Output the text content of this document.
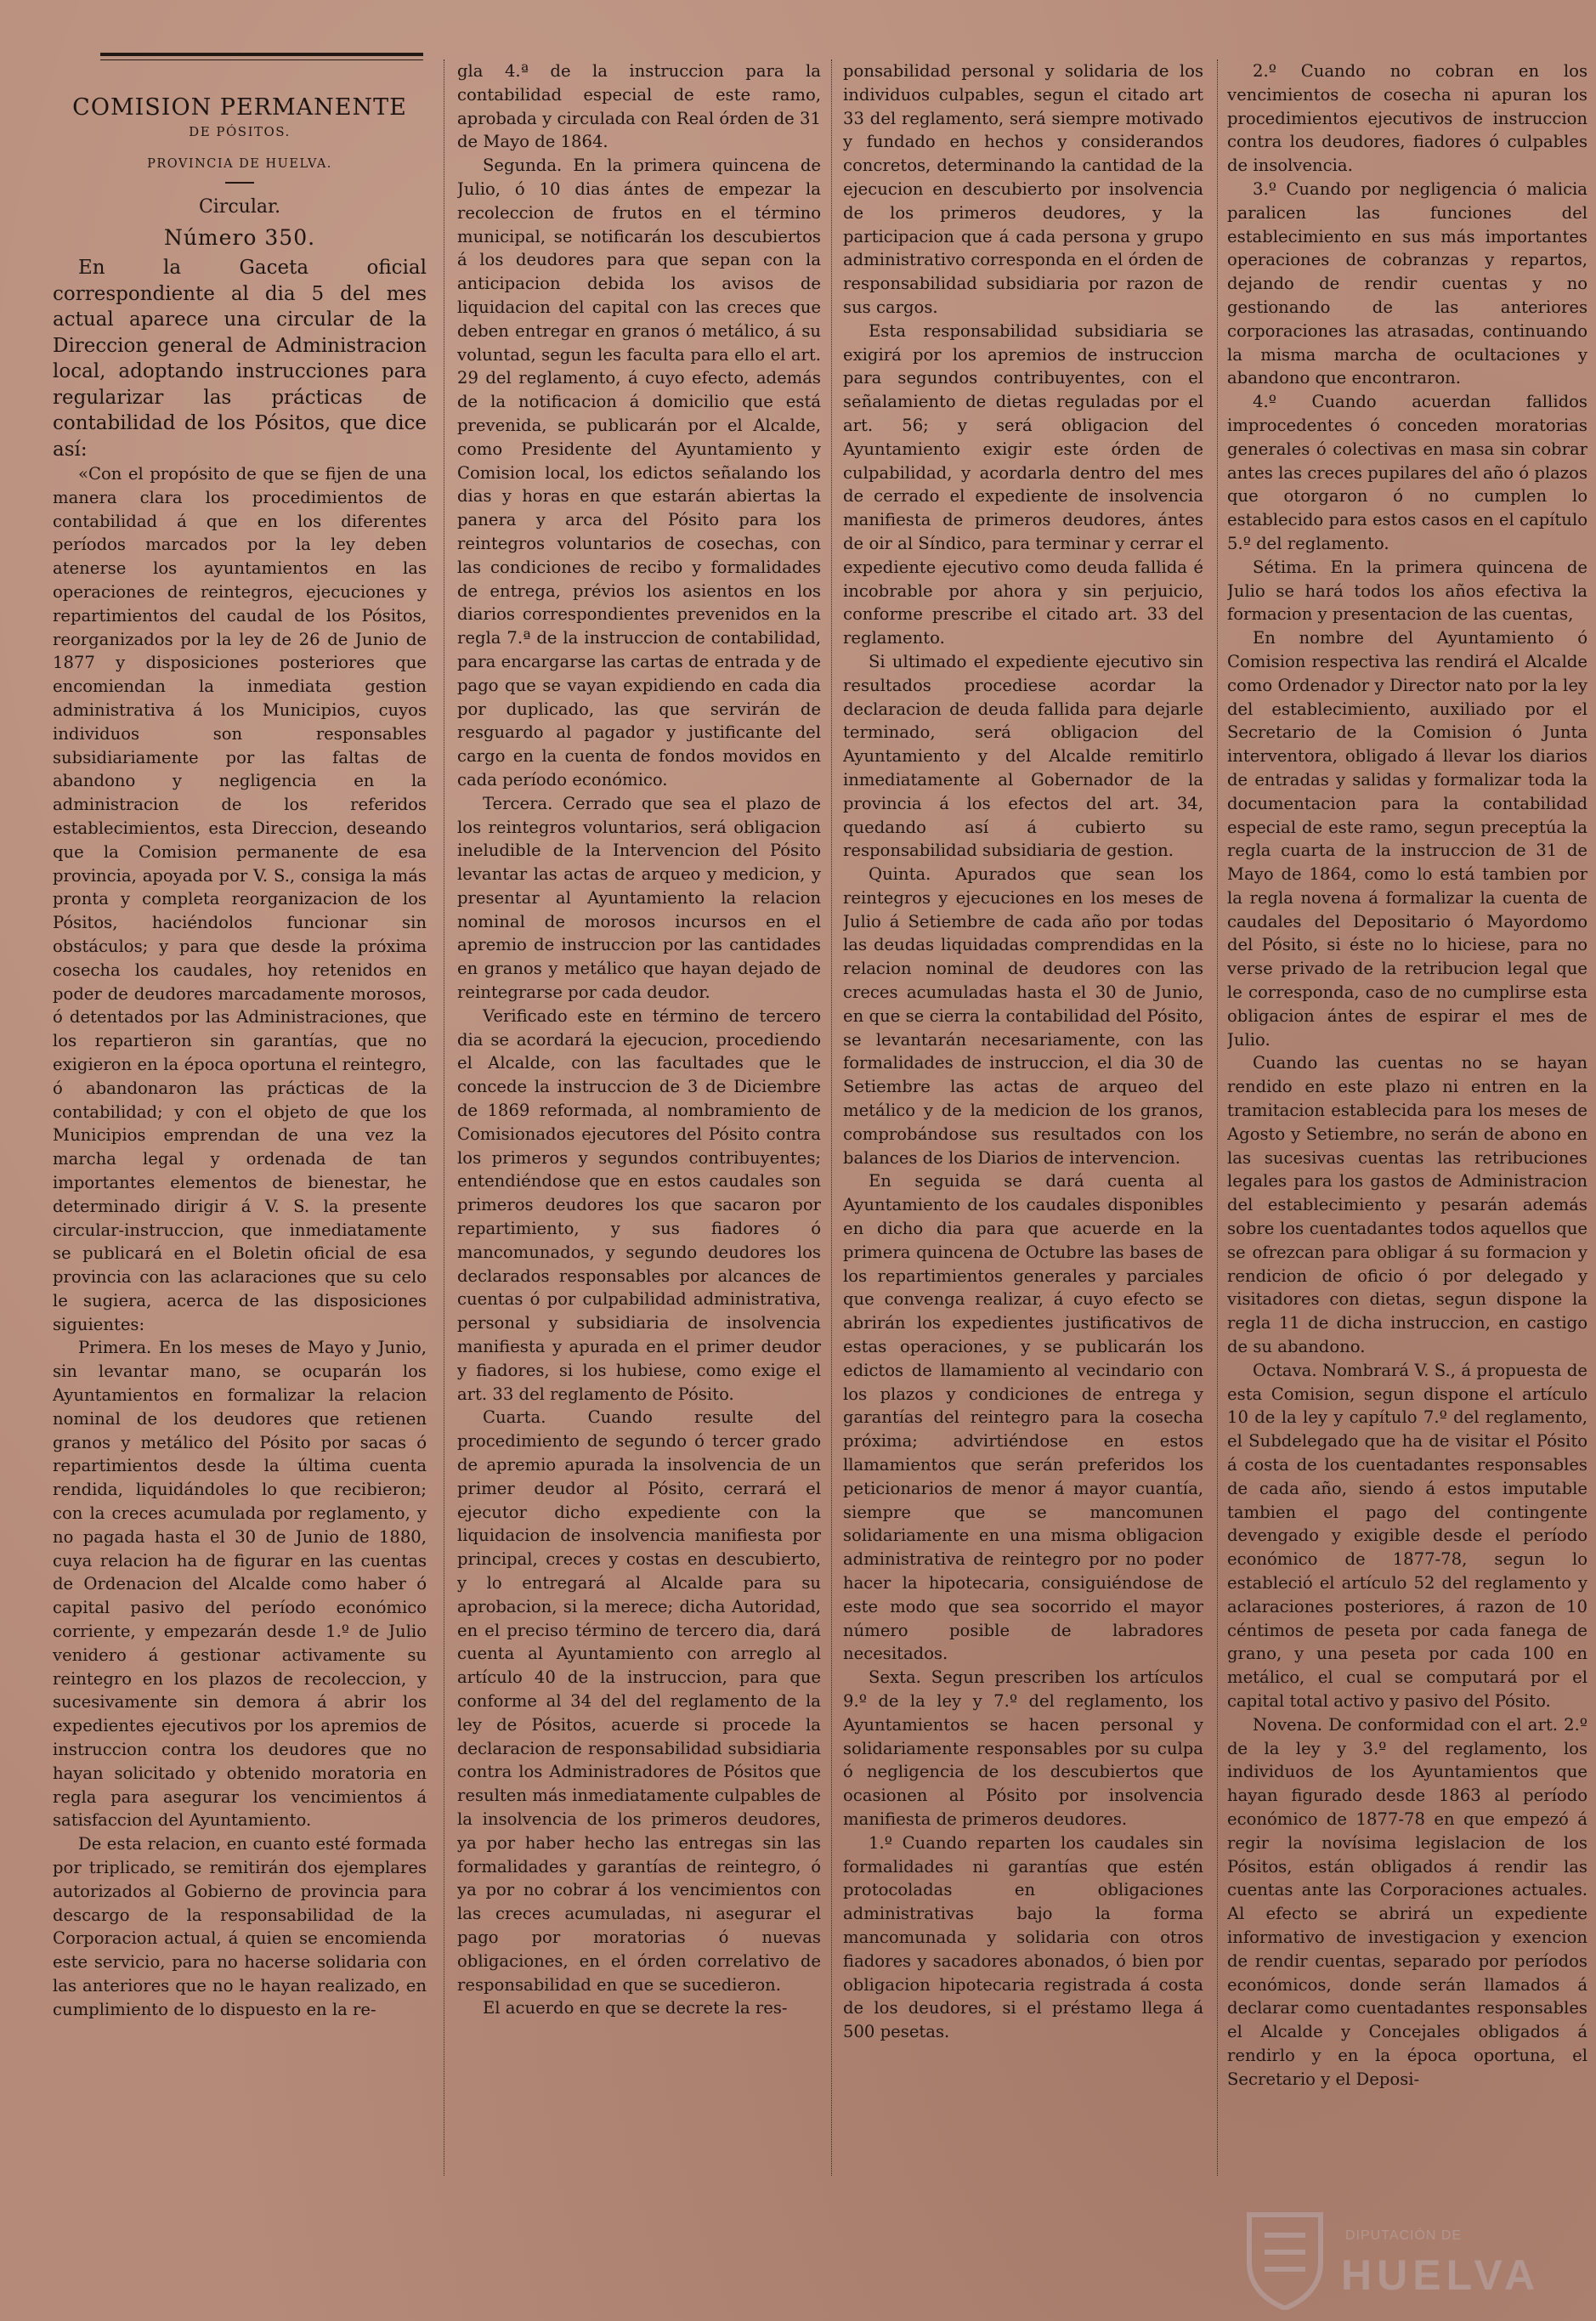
COMISION PERMANENTE
DE PÓSITOS.
PROVINCIA DE HUELVA.
Circular.
Número 350.

En la Gaceta oficial correspondiente al dia 5 del mes actual aparece una circular de la Direccion general de Administracion local, adoptando instrucciones para regularizar las prácticas de contabilidad de los Pósitos, que dice así:

«Con el propósito de que se fijen de una manera clara los procedimientos de contabilidad á que en los diferentes períodos marcados por la ley deben atenerse los ayuntamientos en las operaciones de reintegros, ejecuciones y repartimientos del caudal de los Pósitos, reorganizados por la ley de 26 de Junio de 1877 y disposiciones posteriores que encomiendan la inmediata gestion administrativa á los Municipios, cuyos individuos son responsables subsidiariamente por las faltas de abandono y negligencia en la administracion de los referidos establecimientos, esta Direccion, deseando que la Comision permanente de esa provincia, apoyada por V. S., consiga la más pronta y completa reorganizacion de los Pósitos, haciéndolos funcionar sin obstáculos; y para que desde la próxima cosecha los caudales, hoy retenidos en poder de deudores marcadamente morosos, ó detentados por las Administraciones, que los repartieron sin garantías, que no exigieron en la época oportuna el reintegro, ó abandonaron las prácticas de la contabilidad; y con el objeto de que los Municipios emprendan de una vez la marcha legal y ordenada de tan importantes elementos de bienestar, he determinado dirigir á V. S. la presente circular-instruccion, que inmediatamente se publicará en el Boletin oficial de esa provincia con las aclaraciones que su celo le sugiera, acerca de las disposiciones siguientes:

Primera. En los meses de Mayo y Junio, sin levantar mano, se ocuparán los Ayuntamientos en formalizar la relacion nominal de los deudores que retienen granos y metálico del Pósito por sacas ó repartimientos desde la última cuenta rendida, liquidándoles lo que recibieron; con la creces acumulada por reglamento, y no pagada hasta el 30 de Junio de 1880, cuya relacion ha de figurar en las cuentas de Ordenacion del Alcalde como haber ó capital pasivo del período económico corriente, y empezarán desde 1.º de Julio venidero á gestionar activamente su reintegro en los plazos de recoleccion, y sucesivamente sin demora á abrir los expedientes ejecutivos por los apremios de instruccion contra los deudores que no hayan solicitado y obtenido moratoria en regla para asegurar los vencimientos á satisfaccion del Ayuntamiento.

De esta relacion, en cuanto esté formada por triplicado, se remitirán dos ejemplares autorizados al Gobierno de provincia para descargo de la responsabilidad de la Corporacion actual, á quien se encomienda este servicio, para no hacerse solidaria con las anteriores que no le hayan realizado, en cumplimiento de lo dispuesto en la re-

gla 4.ª de la instruccion para la contabilidad especial de este ramo, aprobada y circulada con Real órden de 31 de Mayo de 1864.

Segunda. En la primera quincena de Julio, ó 10 dias ántes de empezar la recoleccion de frutos en el término municipal, se notificarán los descubiertos á los deudores para que sepan con la anticipacion debida los avisos de liquidacion del capital con las creces que deben entregar en granos ó metálico, á su voluntad, segun les faculta para ello el art. 29 del reglamento, á cuyo efecto, además de la notificacion á domicilio que está prevenida, se publicarán por el Alcalde, como Presidente del Ayuntamiento y Comision local, los edictos señalando los dias y horas en que estarán abiertas la panera y arca del Pósito para los reintegros voluntarios de cosechas, con las condiciones de recibo y formalidades de entrega, prévios los asientos en los diarios correspondientes prevenidos en la regla 7.ª de la instruccion de contabilidad, para encargarse las cartas de entrada y de pago que se vayan expidiendo en cada dia por duplicado, las que servirán de resguardo al pagador y justificante del cargo en la cuenta de fondos movidos en cada período económico.

Tercera. Cerrado que sea el plazo de los reintegros voluntarios, será obligacion ineludible de la Intervencion del Pósito levantar las actas de arqueo y medicion, y presentar al Ayuntamiento la relacion nominal de morosos incursos en el apremio de instruccion por las cantidades en granos y metálico que hayan dejado de reintegrarse por cada deudor.

Verificado este en término de tercero dia se acordará la ejecucion, procediendo el Alcalde, con las facultades que le concede la instruccion de 3 de Diciembre de 1869 reformada, al nombramiento de Comisionados ejecutores del Pósito contra los primeros y segundos contribuyentes; entendiéndose que en estos caudales son primeros deudores los que sacaron por repartimiento, y sus fiadores ó mancomunados, y segundo deudores los declarados responsables por alcances de cuentas ó por culpabilidad administrativa, personal y subsidiaria de insolvencia manifiesta y apurada en el primer deudor y fiadores, si los hubiese, como exige el art. 33 del reglamento de Pósito.

Cuarta. Cuando resulte del procedimiento de segundo ó tercer grado de apremio apurada la insolvencia de un primer deudor al Pósito, cerrará el ejecutor dicho expediente con la liquidacion de insolvencia manifiesta por principal, creces y costas en descubierto, y lo entregará al Alcalde para su aprobacion, si la merece; dicha Autoridad, en el preciso término de tercero dia, dará cuenta al Ayuntamiento con arreglo al artículo 40 de la instruccion, para que conforme al 34 del del reglamento de la ley de Pósitos, acuerde si procede la declaracion de responsabilidad subsidiaria contra los Administradores de Pósitos que resulten más inmediatamente culpables de la insolvencia de los primeros deudores, ya por haber hecho las entregas sin las formalidades y garantías de reintegro, ó ya por no cobrar á los vencimientos con las creces acumuladas, ni asegurar el pago por moratorias ó nuevas obligaciones, en el órden correlativo de responsabilidad en que se sucedieron.

El acuerdo en que se decrete la res-

ponsabilidad personal y solidaria de los individuos culpables, segun el citado art 33 del reglamento, será siempre motivado y fundado en hechos y considerandos concretos, determinando la cantidad de la ejecucion en descubierto por insolvencia de los primeros deudores, y la participacion que á cada persona y grupo administrativo corresponda en el órden de responsabilidad subsidiaria por razon de sus cargos.

Esta responsabilidad subsidiaria se exigirá por los apremios de instruccion para segundos contribuyentes, con el señalamiento de dietas reguladas por el art. 56; y será obligacion del Ayuntamiento exigir este órden de culpabilidad, y acordarla dentro del mes de cerrado el expediente de insolvencia manifiesta de primeros deudores, ántes de oir al Síndico, para terminar y cerrar el expediente ejecutivo como deuda fallida é incobrable por ahora y sin perjuicio, conforme prescribe el citado art. 33 del reglamento.

Si ultimado el expediente ejecutivo sin resultados procediese acordar la declaracion de deuda fallida para dejarle terminado, será obligacion del Ayuntamiento y del Alcalde remitirlo inmediatamente al Gobernador de la provincia á los efectos del art. 34, quedando así á cubierto su responsabilidad subsidiaria de gestion.

Quinta. Apurados que sean los reintegros y ejecuciones en los meses de Julio á Setiembre de cada año por todas las deudas liquidadas comprendidas en la relacion nominal de deudores con las creces acumuladas hasta el 30 de Junio, en que se cierra la contabilidad del Pósito, se levantarán necesariamente, con las formalidades de instruccion, el dia 30 de Setiembre las actas de arqueo del metálico y de la medicion de los granos, comprobándose sus resultados con los balances de los Diarios de intervencion.

En seguida se dará cuenta al Ayuntamiento de los caudales disponibles en dicho dia para que acuerde en la primera quincena de Octubre las bases de los repartimientos generales y parciales que convenga realizar, á cuyo efecto se abrirán los expedientes justificativos de estas operaciones, y se publicarán los edictos de llamamiento al vecindario con los plazos y condiciones de entrega y garantías del reintegro para la cosecha próxima; advirtiéndose en estos llamamientos que serán preferidos los peticionarios de menor á mayor cuantía, siempre que se mancomunen solidariamente en una misma obligacion administrativa de reintegro por no poder hacer la hipotecaria, consiguiéndose de este modo que sea socorrido el mayor número posible de labradores necesitados.

Sexta. Segun prescriben los artículos 9.º de la ley y 7.º del reglamento, los Ayuntamientos se hacen personal y solidariamente responsables por su culpa ó negligencia de los descubiertos que ocasionen al Pósito por insolvencia manifiesta de primeros deudores.

1.º Cuando reparten los caudales sin formalidades ni garantías que estén protocoladas en obligaciones administrativas bajo la forma mancomunada y solidaria con otros fiadores y sacadores abonados, ó bien por obligacion hipotecaria registrada á costa de los deudores, si el préstamo llega á 500 pesetas.

2.º Cuando no cobran en los vencimientos de cosecha ni apuran los procedimientos ejecutivos de instruccion contra los deudores, fiadores ó culpables de insolvencia.

3.º Cuando por negligencia ó malicia paralicen las funciones del establecimiento en sus más importantes operaciones de cobranzas y repartos, dejando de rendir cuentas y no gestionando de las anteriores corporaciones las atrasadas, continuando la misma marcha de ocultaciones y abandono que encontraron.

4.º Cuando acuerdan fallidos improcedentes ó conceden moratorias generales ó colectivas en masa sin cobrar antes las creces pupilares del año ó plazos que otorgaron ó no cumplen lo establecido para estos casos en el capítulo 5.º del reglamento.

Sétima. En la primera quincena de Julio se hará todos los años efectiva la formacion y presentacion de las cuentas,

En nombre del Ayuntamiento ó Comision respectiva las rendirá el Alcalde como Ordenador y Director nato por la ley del establecimiento, auxiliado por el Secretario de la Comision ó Junta interventora, obligado á llevar los diarios de entradas y salidas y formalizar toda la documentacion para la contabilidad especial de este ramo, segun preceptúa la regla cuarta de la instruccion de 31 de Mayo de 1864, como lo está tambien por la regla novena á formalizar la cuenta de caudales del Depositario ó Mayordomo del Pósito, si éste no lo hiciese, para no verse privado de la retribucion legal que le corresponda, caso de no cumplirse esta obligacion ántes de espirar el mes de Julio.

Cuando las cuentas no se hayan rendido en este plazo ni entren en la tramitacion establecida para los meses de Agosto y Setiembre, no serán de abono en las sucesivas cuentas las retribuciones legales para los gastos de Administracion del establecimiento y pesarán además sobre los cuentadantes todos aquellos que se ofrezcan para obligar á su formacion y rendicion de oficio ó por delegado y visitadores con dietas, segun dispone la regla 11 de dicha instruccion, en castigo de su abandono.

Octava. Nombrará V. S., á propuesta de esta Comision, segun dispone el artículo 10 de la ley y capítulo 7.º del reglamento, el Subdelegado que ha de visitar el Pósito á costa de los cuentadantes responsables de cada año, siendo á estos imputable tambien el pago del contingente devengado y exigible desde el período económico de 1877-78, segun lo estableció el artículo 52 del reglamento y aclaraciones posteriores, á razon de 10 céntimos de peseta por cada fanega de grano, y una peseta por cada 100 en metálico, el cual se computará por el capital total activo y pasivo del Pósito.

Novena. De conformidad con el art. 2.º de la ley y 3.º del reglamento, los individuos de los Ayuntamientos que hayan figurado desde 1863 al período económico de 1877-78 en que empezó á regir la novísima legislacion de los Pósitos, están obligados á rendir las cuentas ante las Corporaciones actuales. Al efecto se abrirá un expediente informativo de investigacion y exencion de rendir cuentas, separado por períodos económicos, donde serán llamados á declarar como cuentadantes responsables el Alcalde y Concejales obligados á rendirlo y en la época oportuna, el Secretario y el Deposi-

DIPUTACIÓN DE
HUELVA
